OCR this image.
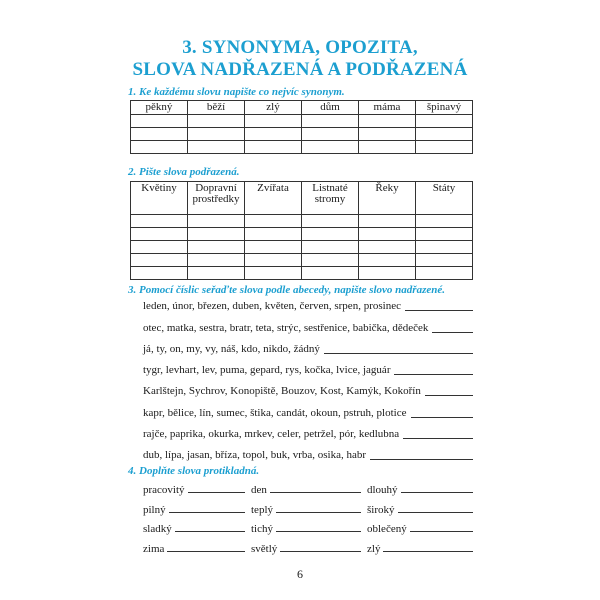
3. SYNONYMA, OPOZITA,
SLOVA NADŘAZENÁ A PODŘAZENÁ
1. Ke každému slovu napište co nejvíc synonym.
pěkný	běží	zlý	dům	máma	špinavý

2. Pište slova podřazená.
Květiny	Dopravní prostředky	Zvířata	Listnaté stromy	Řeky	Státy

3. Pomocí číslic seřaďte slova podle abecedy, napište slovo nadřazené.
leden, únor, březen, duben, květen, červen, srpen, prosinec
otec, matka, sestra, bratr, teta, strýc, sestřenice, babička, dědeček
já, ty, on, my, vy, náš, kdo, nikdo, žádný
tygr, levhart, lev, puma, gepard, rys, kočka, lvice, jaguár
Karlštejn, Sychrov, Konopiště, Bouzov, Kost, Kamýk, Kokořín
kapr, bělice, lín, sumec, štika, candát, okoun, pstruh, plotice
rajče, paprika, okurka, mrkev, celer, petržel, pór, kedlubna
dub, lípa, jasan, bříza, topol, buk, vrba, osika, habr
4. Doplňte slova protikladná.
pracovitý	den	dlouhý
pilný	teplý	široký
sladký	tichý	oblečený
zima	světlý	zlý
6
